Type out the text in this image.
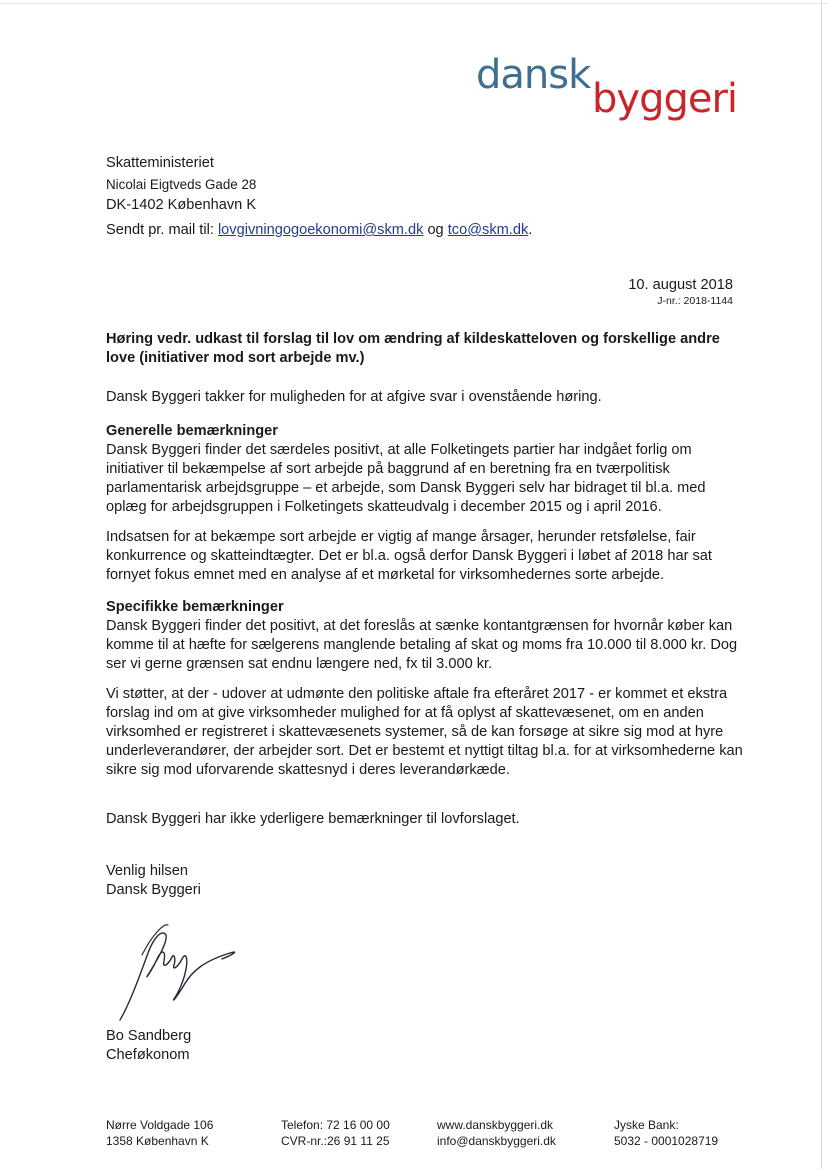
dansk
byggeri
Skatteministeriet
Nicolai Eigtveds Gade 28
DK-1402 København K
Sendt pr. mail til: lovgivningogoekonomi@skm.dk og tco@skm.dk.
10. august 2018
J-nr.: 2018-1144
Høring vedr. udkast til forslag til lov om ændring af kildeskatteloven og forskellige andre love (initiativer mod sort arbejde mv.)

Dansk Byggeri takker for muligheden for at afgive svar i ovenstående høring.

Generelle bemærkninger

Dansk Byggeri finder det særdeles positivt, at alle Folketingets partier har indgået forlig om initiativer til bekæmpelse af sort arbejde på baggrund af en beretning fra en tværpolitisk parlamentarisk arbejdsgruppe – et arbejde, som Dansk Byggeri selv har bidraget til bl.a. med oplæg for arbejdsgruppen i Folketingets skatteudvalg i december 2015 og i april 2016.

Indsatsen for at bekæmpe sort arbejde er vigtig af mange årsager, herunder retsfølelse, fair konkurrence og skatteindtægter. Det er bl.a. også derfor Dansk Byggeri i løbet af 2018 har sat fornyet fokus emnet med en analyse af et mørketal for virksomhedernes sorte arbejde.

Specifikke bemærkninger

Dansk Byggeri finder det positivt, at det foreslås at sænke kontantgrænsen for hvornår køber kan komme til at hæfte for sælgerens manglende betaling af skat og moms fra 10.000 til 8.000 kr. Dog ser vi gerne grænsen sat endnu længere ned, fx til 3.000 kr.

Vi støtter, at der - udover at udmønte den politiske aftale fra efteråret 2017 - er kommet et ekstra forslag ind om at give virksomheder mulighed for at få oplyst af skattevæsenet, om en anden virksomhed er registreret i skattevæsenets systemer, så de kan forsøge at sikre sig mod at hyre underleverandører, der arbejder sort. Det er bestemt et nyttigt tiltag bl.a. for at virksomhederne kan sikre sig mod uforvarende skattesnyd i deres leverandørkæde.

Dansk Byggeri har ikke yderligere bemærkninger til lovforslaget.

Venlig hilsen

Dansk Byggeri

Bo Sandberg

Cheføkonom

Nørre Voldgade 106
1358 København K
Telefon: 72 16 00 00
CVR-nr.:26 91 11 25
www.danskbyggeri.dk
info@danskbyggeri.dk
Jyske Bank:
5032 - 0001028719
